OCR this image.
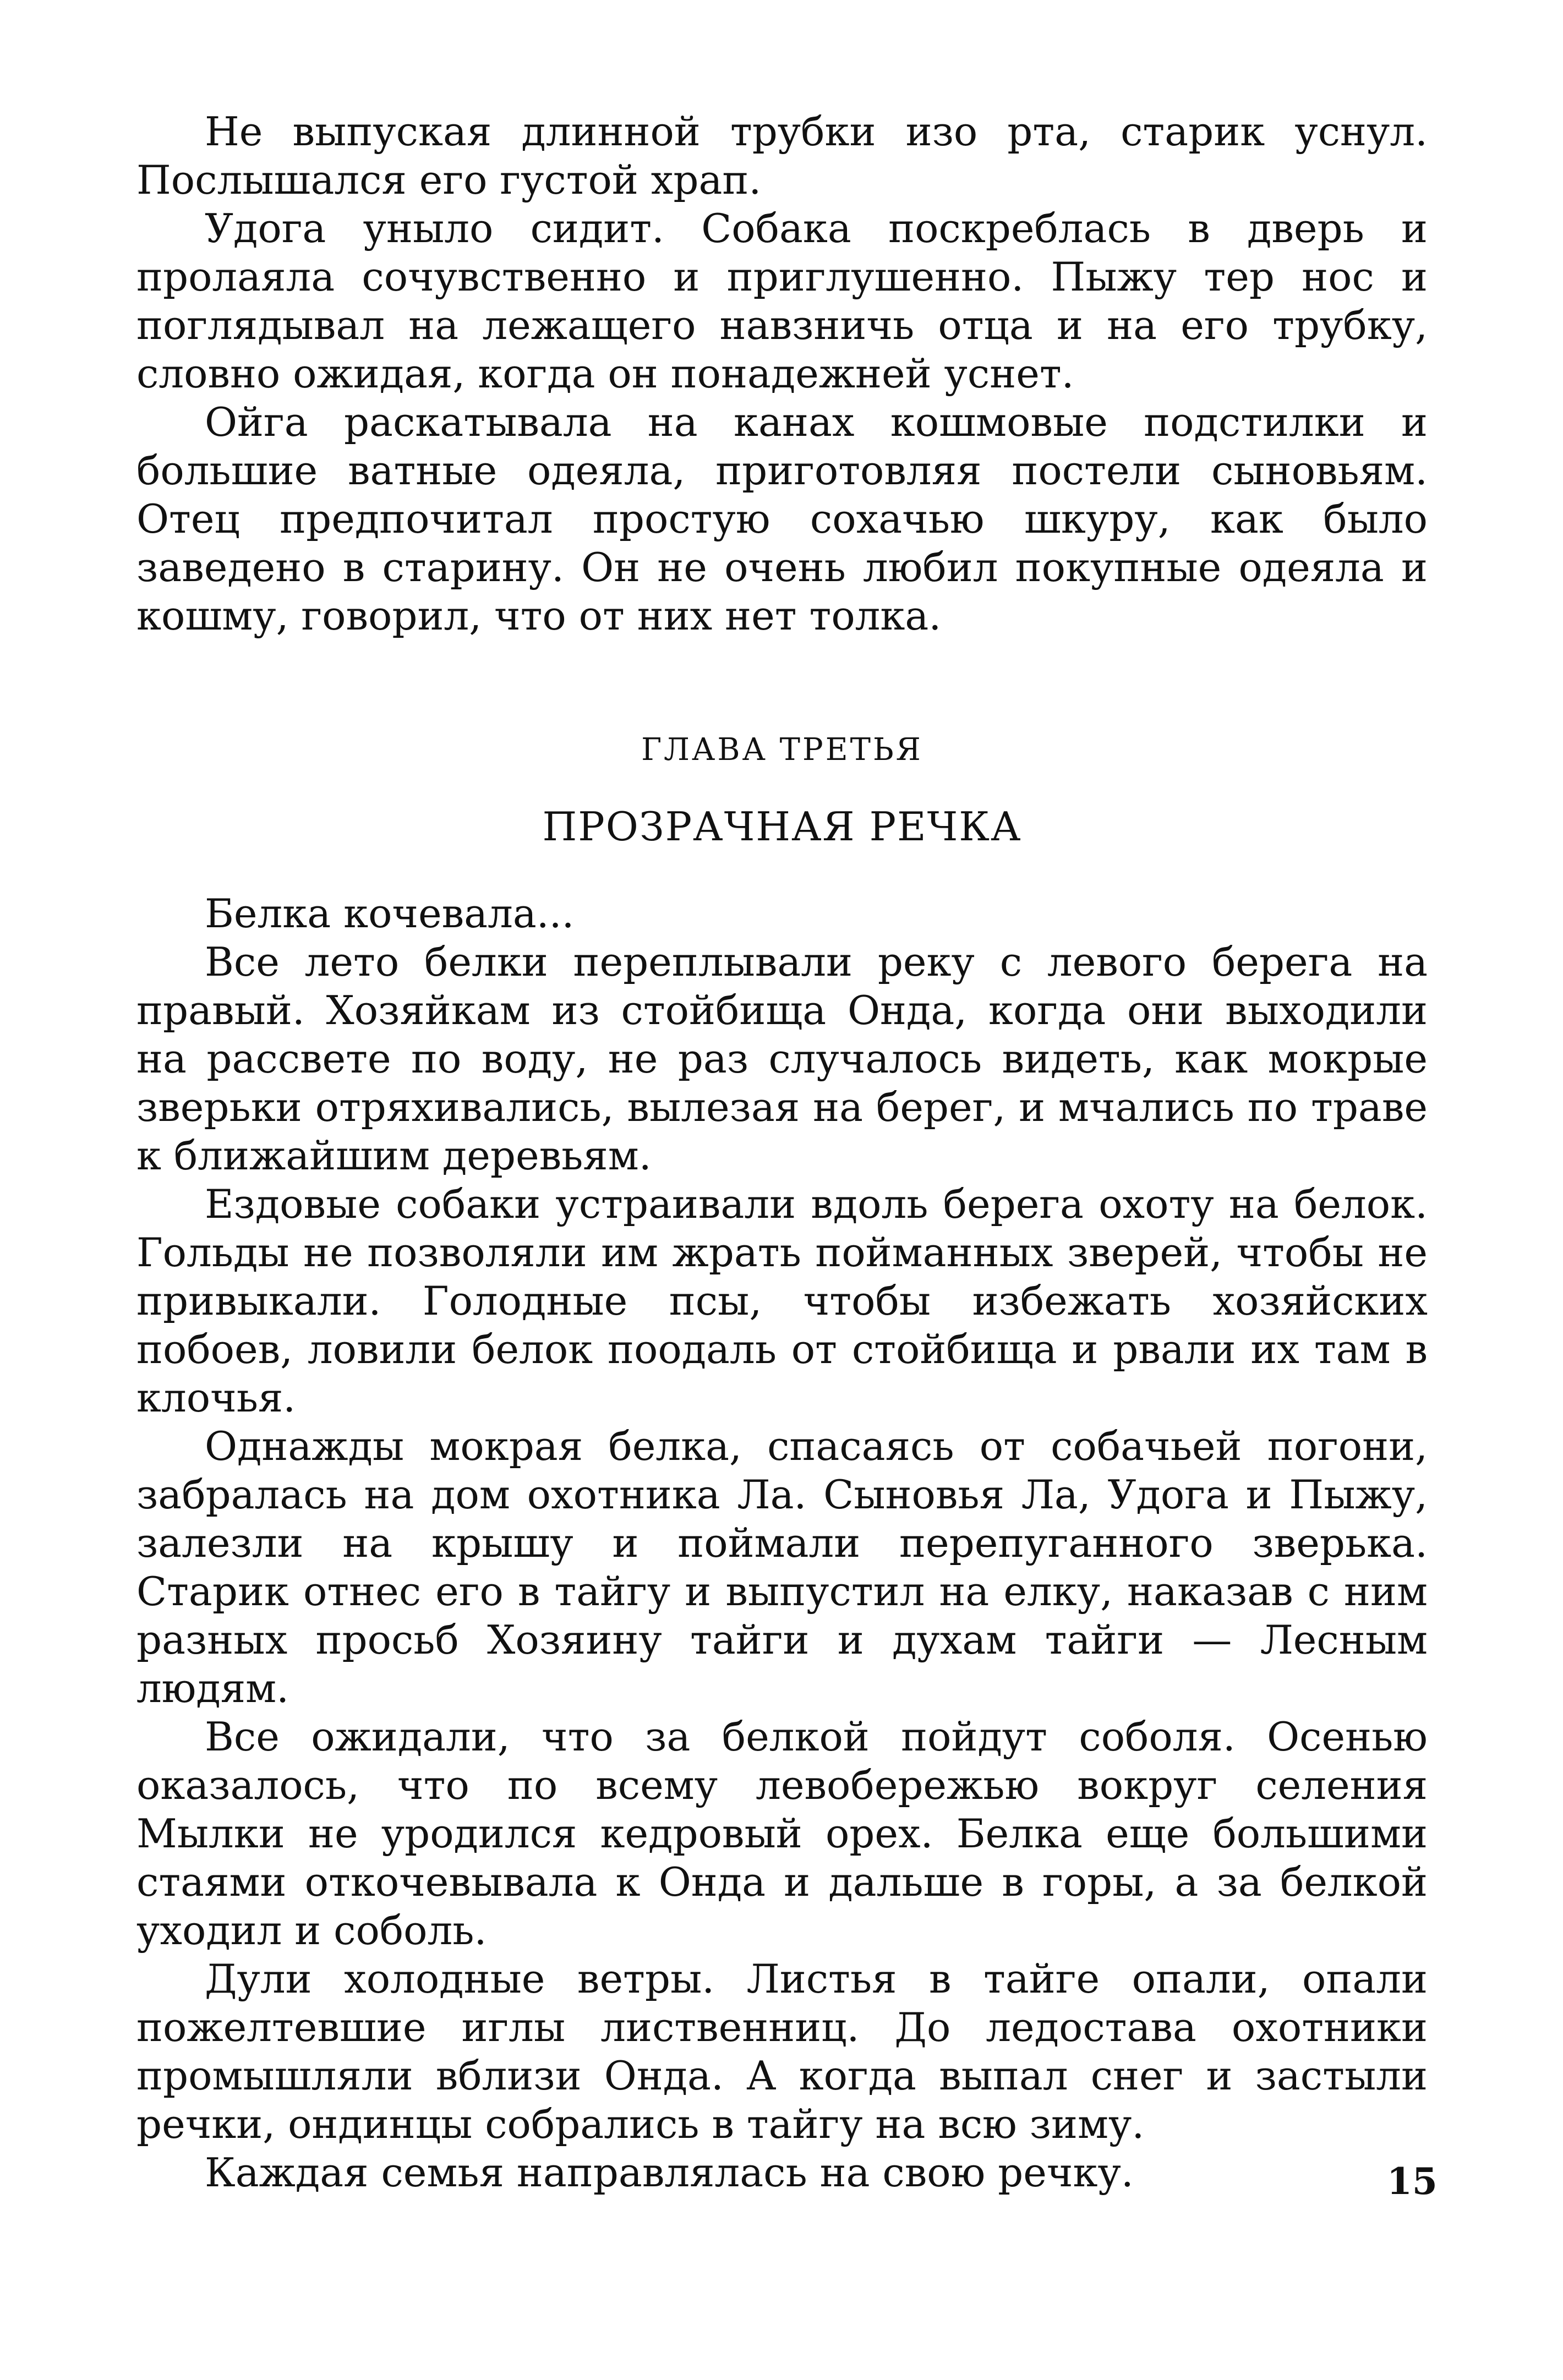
Не выпуская длинной трубки изо рта, старик уснул. Послышался его густой храп.

Удога уныло сидит. Собака поскреблась в дверь и пролаяла сочувственно и приглушенно. Пыжу тер нос и поглядывал на лежащего навзничь отца и на его трубку, словно ожидая, когда он понадежней уснет.

Ойга раскатывала на канах кошмовые подстилки и большие ватные одеяла, приготовляя постели сыновьям. Отец предпочитал простую сохачью шкуру, как было заведено в старину. Он не очень любил покупные одеяла и кошму, говорил, что от них нет толка.

ГЛАВА ТРЕТЬЯ
ПРОЗРАЧНАЯ РЕЧКА

Белка кочевала...

Все лето белки переплывали реку с левого берега на правый. Хозяйкам из стойбища Онда, когда они выходили на рассвете по воду, не раз случалось видеть, как мокрые зверьки отряхивались, вылезая на берег, и мчались по траве к ближайшим деревьям.

Ездовые собаки устраивали вдоль берега охоту на белок. Гольды не позволяли им жрать пойманных зверей, чтобы не привыкали. Голодные псы, чтобы избежать хозяйских побоев, ловили белок поодаль от стойбища и рвали их там в клочья.

Однажды мокрая белка, спасаясь от собачьей погони, забралась на дом охотника Ла. Сыновья Ла, Удога и Пыжу, залезли на крышу и поймали перепуганного зверька. Старик отнес его в тайгу и выпустил на елку, наказав с ним разных просьб Хозяину тайги и духам тайги — Лесным людям.

Все ожидали, что за белкой пойдут соболя. Осенью оказалось, что по всему левобережью вокруг селения Мылки не уродился кедровый орех. Белка еще большими стаями откочевывала к Онда и дальше в горы, а за белкой уходил и соболь.

Дули холодные ветры. Листья в тайге опали, опали пожелтевшие иглы лиственниц. До ледостава охотники промышляли вблизи Онда. А когда выпал снег и застыли речки, ондинцы собрались в тайгу на всю зиму.

Каждая семья направлялась на свою речку.	15
